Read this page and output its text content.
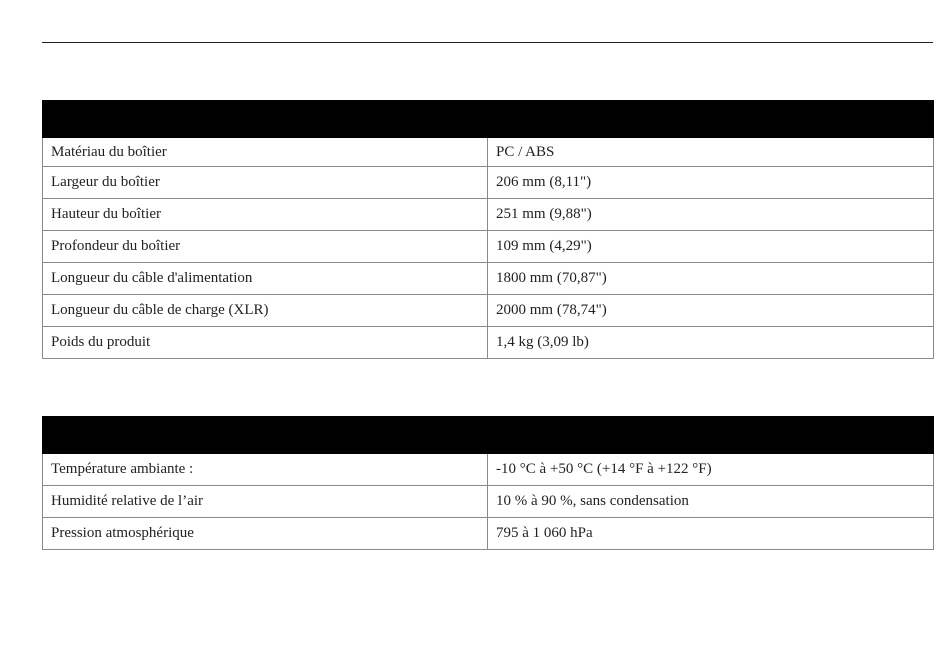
Matériau du boîtier	PC / ABS
Largeur du boîtier	206 mm (8,11")
Hauteur du boîtier	251 mm (9,88")
Profondeur du boîtier	109 mm (4,29")
Longueur du câble d'alimentation	1800 mm (70,87")
Longueur du câble de charge (XLR)	2000 mm (78,74")
Poids du produit	1,4 kg (3,09 lb)

Température ambiante :	-10 °C à +50 °C (+14 °F à +122 °F)
Humidité relative de l’air	10 % à 90 %, sans condensation
Pression atmosphérique	795 à 1 060 hPa
